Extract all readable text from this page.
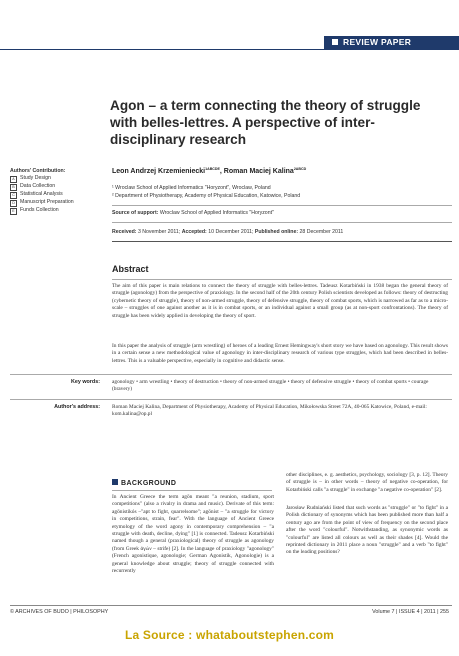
REVIEW PAPER
Agon – a term connecting the theory of struggle with belles-lettres. A perspective of inter-disciplinary research
Authors' Contribution:
A Study Design
B Data Collection
C Statistical Analysis
D Manuscript Preparation
E Funds Collection
Leon Andrzej Krzemieniecki$^{1ABCDE}$, Roman Maciej Kalina$^{2ABCD}$
¹ Wroclaw School of Applied Informatics "Horyzont", Wroclaw, Poland
² Department of Physiotherapy, Academy of Physical Education, Katowice, Poland
Source of support: Wroclaw School of Applied Informatics "Horyzont"
Received: 3 November 2011; Accepted: 10 December 2011; Published online: 28 December 2011
Abstract
The aim of this paper is main relations to connect the theory of struggle with belles-lettres. Tadeusz Kotarbiński in 1938 began the general theory of struggle (agonology) from the perspective of praxiology. In the second half of the 20th century Polish scientists developed as follows: theory of destructing (cybernetic theory of struggle), theory of non-armed struggle, theory of defensive struggle, theory of combat sports, which is narrowed as far as to a micro-scale – struggles of one against another as it is in combat sports, or an individual against a small group (as at non-sport confrontations). The theory of struggle has been widely applied in developing the theory of sport.
In this paper the analysis of struggle (arm wrestling) of heroes of a leading Ernest Hemingway's short story we have based on agonology. This result shows in a certain sense a new methodological value of agonology in inter-disciplinary research of various type struggles, which had been described in belles-lettres. This is a valuable perspective, especially in cognitive and didactic sense.
Key words: agonology • arm wrestling • theory of destruction • theory of non-armed struggle • theory of defensive struggle • theory of combat sports • courage (bravery)
Author's address: Roman Maciej Kalina, Department of Physiotherapy, Academy of Physical Education, Mikołowska Street 72A, 40-065 Katowice, Poland, e-mail: kom.kalina@op.pl
BACKGROUND
In Ancient Greece the term agōn meant "a reunion, stadium, sport competitions" (also a rivalry in drama and music). Derivate of this term: agōnistikós –"apt to fight, quarrelsome"; agōnist – "a struggle for victory in competitions, strain, fear". With the language of Ancient Greece etymology of the word agony in contemporary comprehension – "a struggle with death, decline, dying" [1] is connected. Tadeusz Kotarbiński named though a general (praxiological) theory of struggle as agonology (from Greek ἀγών – strife) [2]. In the language of praxiology "agonology" (French agonistique, agonologie; German Agonistik, Agonologie) is a general knowledge about struggle; theory of struggle connected with recurrently
other disciplines, e. g. aesthetics, psychology, sociology [3, p. 12]. Theory of struggle is – in other words – theory of negative co-operation, for Kotarbiński calls "a struggle" in exchange "a negative co-operation" [2].
Jarosław Rudniański listed that such words as "struggle" or "to fight" in a Polish dictionary of synonyms which has been published more than half a century ago are from the point of view of frequency on the second place after the word "colourful". Notwithstanding, as synonymic words as "colourful" are listed all colours as well as their shades [4]. Would the reprinted dictionary in 2011 place a noun "struggle" and a verb "to fight" on the leading positions?
© ARCHIVES OF BUDO | PHILOSOPHY	Volume 7 | ISSUE 4 | 2011 | 255
La Source : whataboutstephen.com
